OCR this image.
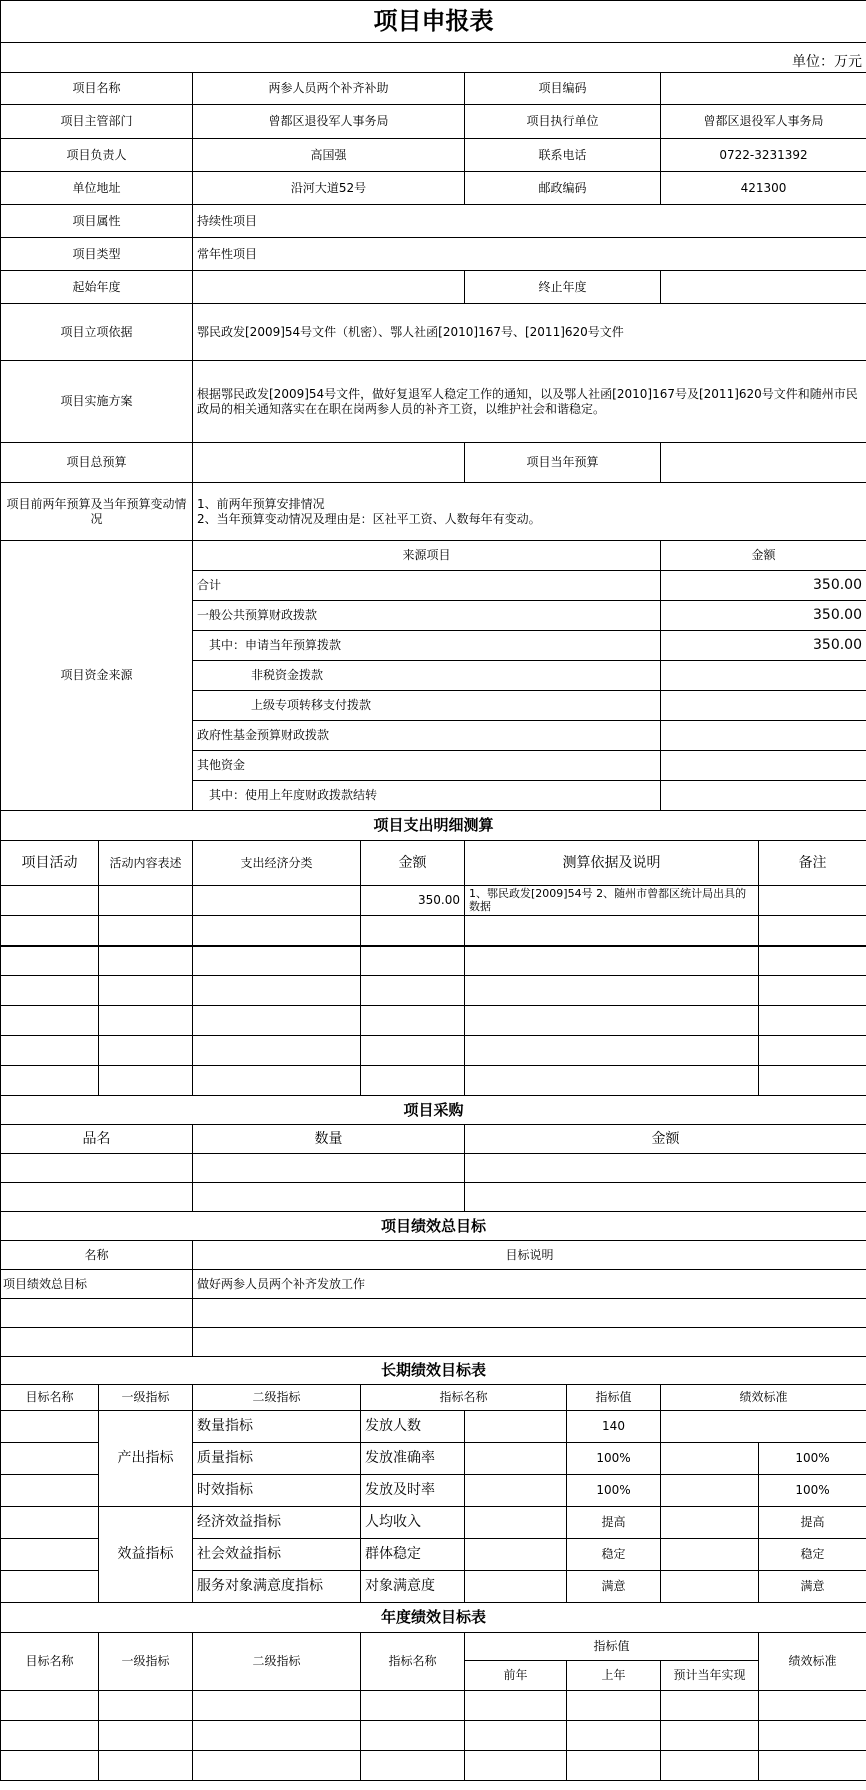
项目申报表							
单位：万元							
项目名称		两参人员两个补齐补助		项目编码			
项目主管部门		曾都区退役军人事务局		项目执行单位		曾都区退役军人事务局	
项目负责人		高国强		联系电话		0722-3231392	
单位地址		沿河大道52号		邮政编码		421300	
项目属性		持续性项目					
项目类型		常年性项目					
起始年度				终止年度			
项目立项依据		鄂民政发[2009]54号文件（机密）、鄂人社函[2010]167号、[2011]620号文件					
项目实施方案		根据鄂民政发[2009]54号文件，做好复退军人稳定工作的通知，以及鄂人社函[2010]167号及[2011]620号文件和随州市民政局的相关通知落实在在职在岗两参人员的补齐工资，以维护社会和谐稳定。					
项目总预算				项目当年预算			
项目前两年预算及当年预算变动情况		1、前两年预算安排情况
2、当年预算变动情况及理由是：区社平工资、人数每年有变动。					

项目资金来源		来源项目				金额	
		合计				350.00	
		一般公共预算财政拨款				350.00	
		其中：申请当年预算拨款				350.00	
		非税资金拨款					
		上级专项转移支付拨款					
		政府性基金预算财政拨款					
		其他资金					
		其中：使用上年度财政拨款结转					
项目支出明细测算							
项目活动	活动内容表述	支出经济分类	金额	测算依据及说明			备注
			350.00	1、鄂民政发[2009]54号 2、随州市曾都区统计局出具的数据			

项目采购							
品名		数量		金额			

项目绩效总目标							
名称		目标说明					
项目绩效总目标		做好两参人员两个补齐发放工作					

长期绩效目标表							
目标名称	一级指标	二级指标	指标名称		指标值	绩效标准	
	产出指标	数量指标	发放人数		140		
		质量指标	发放准确率		100%		100%
		时效指标	发放及时率		100%		100%
	效益指标	经济效益指标	人均收入		提高		提高
		社会效益指标	群体稳定		稳定		稳定
		服务对象满意度指标	对象满意度		满意		满意
年度绩效目标表							
目标名称	一级指标	二级指标	指标名称	指标值			绩效标准
				前年	上年	预计当年实现	
